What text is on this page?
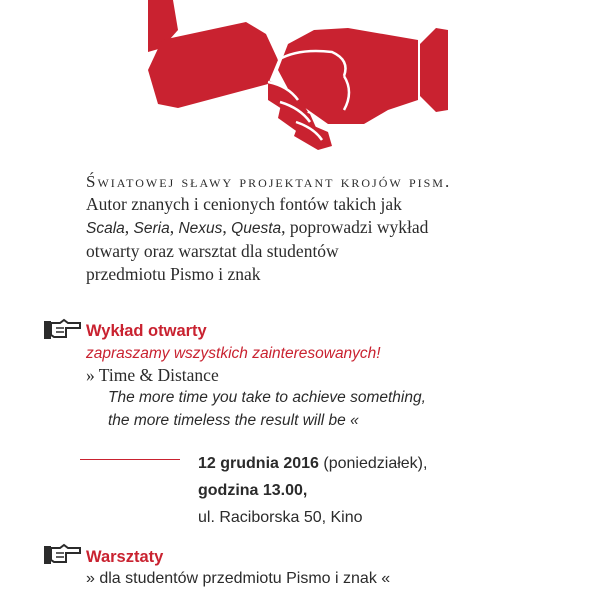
Światowej sławy projektant krojów pism.
Autor znanych i cenionych fontów takich jak
Scala, Seria, Nexus, Questa, poprowadzi wykład
otwarty oraz warsztat dla studentów
przedmiotu Pismo i znak
Wykład otwarty
zapraszamy wszystkich zainteresowanych!
» Time & Distance
The more time you take to achieve something,
the more timeless the result will be «
12 grudnia 2016 (poniedziałek),
godzina 13.00,
ul. Raciborska 50, Kino
Warsztaty
» dla studentów przedmiotu Pismo i znak «
